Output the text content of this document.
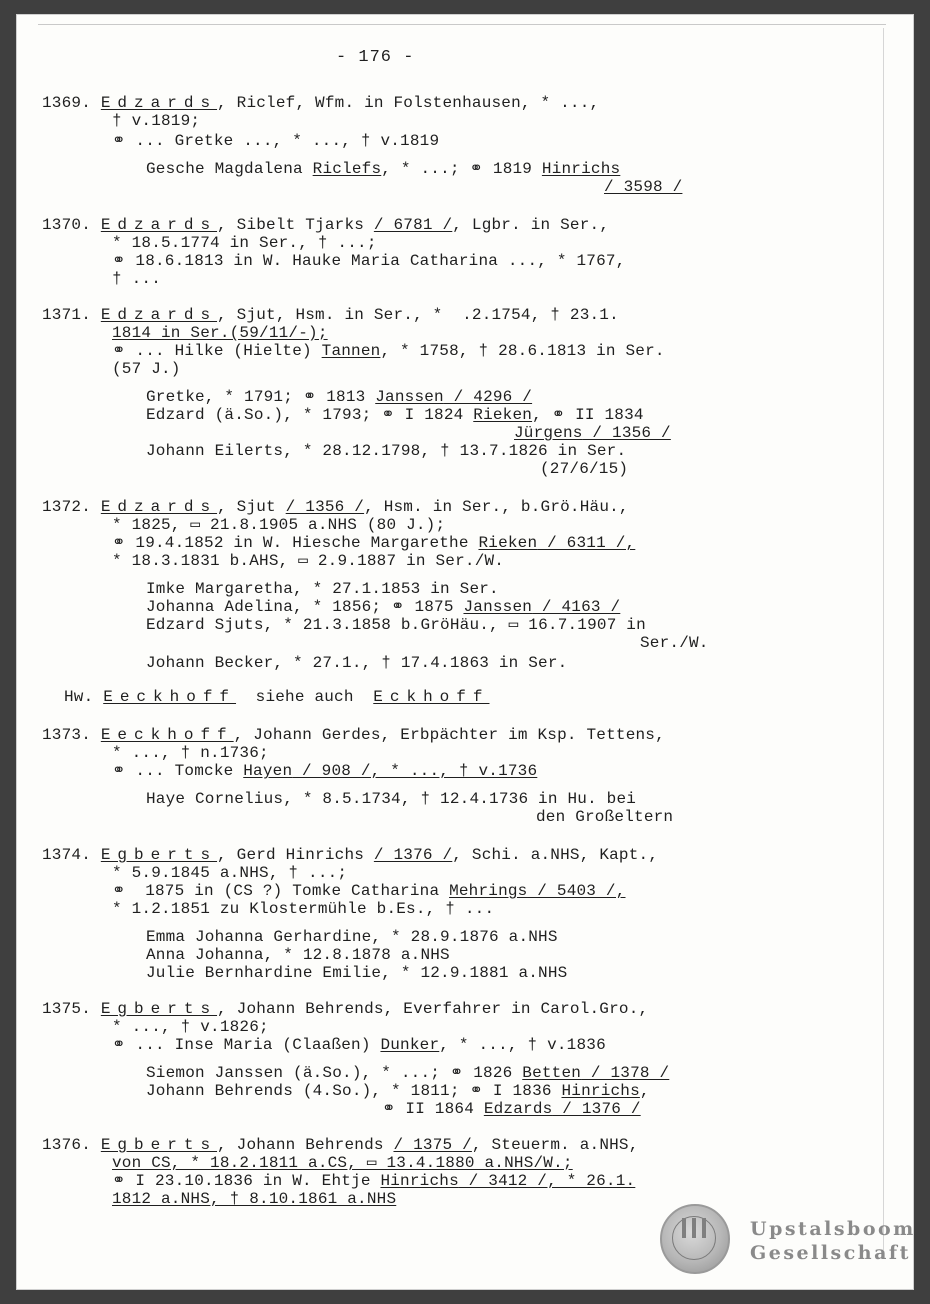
- 176 -
1369. Edzards, Riclef, Wfm. in Folstenhausen, * ...,
† v.1819;
⚭ ... Gretke ..., * ..., † v.1819
Gesche Magdalena Riclefs, * ...; ⚭ 1819 Hinrichs
/ 3598 /
1370. Edzards, Sibelt Tjarks / 6781 /, Lgbr. in Ser.,
* 18.5.1774 in Ser., † ...;
⚭ 18.6.1813 in W. Hauke Maria Catharina ..., * 1767,
† ...
1371. Edzards, Sjut, Hsm. in Ser., *  .2.1754, † 23.1.
1814 in Ser.(59/11/-);
⚭ ... Hilke (Hielte) Tannen, * 1758, † 28.6.1813 in Ser.
(57 J.)
Gretke, * 1791; ⚭ 1813 Janssen / 4296 /
Edzard (ä.So.), * 1793; ⚭ I 1824 Rieken, ⚭ II 1834
Jürgens / 1356 /
Johann Eilerts, * 28.12.1798, † 13.7.1826 in Ser.
(27/6/15)
1372. Edzards, Sjut / 1356 /, Hsm. in Ser., b.Grö.Häu.,
* 1825, ▭ 21.8.1905 a.NHS (80 J.);
⚭ 19.4.1852 in W. Hiesche Margarethe Rieken / 6311 /,
* 18.3.1831 b.AHS, ▭ 2.9.1887 in Ser./W.
Imke Margaretha, * 27.1.1853 in Ser.
Johanna Adelina, * 1856; ⚭ 1875 Janssen / 4163 /
Edzard Sjuts, * 21.3.1858 b.GröHäu., ▭ 16.7.1907 in
Ser./W.
Johann Becker, * 27.1., † 17.4.1863 in Ser.
Hw. Eeckhoff siehe auch Eckhoff
1373. Eeckhoff, Johann Gerdes, Erbpächter im Ksp. Tettens,
* ..., † n.1736;
⚭ ... Tomcke Hayen / 908 /, * ..., † v.1736
Haye Cornelius, * 8.5.1734, † 12.4.1736 in Hu. bei
den Großeltern
1374. Egberts, Gerd Hinrichs / 1376 /, Schi. a.NHS, Kapt.,
* 5.9.1845 a.NHS, † ...;
⚭  1875 in (CS ?) Tomke Catharina Mehrings / 5403 /,
* 1.2.1851 zu Klostermühle b.Es., † ...
Emma Johanna Gerhardine, * 28.9.1876 a.NHS
Anna Johanna, * 12.8.1878 a.NHS
Julie Bernhardine Emilie, * 12.9.1881 a.NHS
1375. Egberts, Johann Behrends, Everfahrer in Carol.Gro.,
* ..., † v.1826;
⚭ ... Inse Maria (Claaßen) Dunker, * ..., † v.1836
Siemon Janssen (ä.So.), * ...; ⚭ 1826 Betten / 1378 /
Johann Behrends (4.So.), * 1811; ⚭ I 1836 Hinrichs,
⚭ II 1864 Edzards / 1376 /
1376. Egberts, Johann Behrends / 1375 /, Steuerm. a.NHS,
von CS, * 18.2.1811 a.CS, ▭ 13.4.1880 a.NHS/W.;
⚭ I 23.10.1836 in W. Ehtje Hinrichs / 3412 /, * 26.1.
1812 a.NHS, † 8.10.1861 a.NHS
Upstalsboom
Gesellschaft
